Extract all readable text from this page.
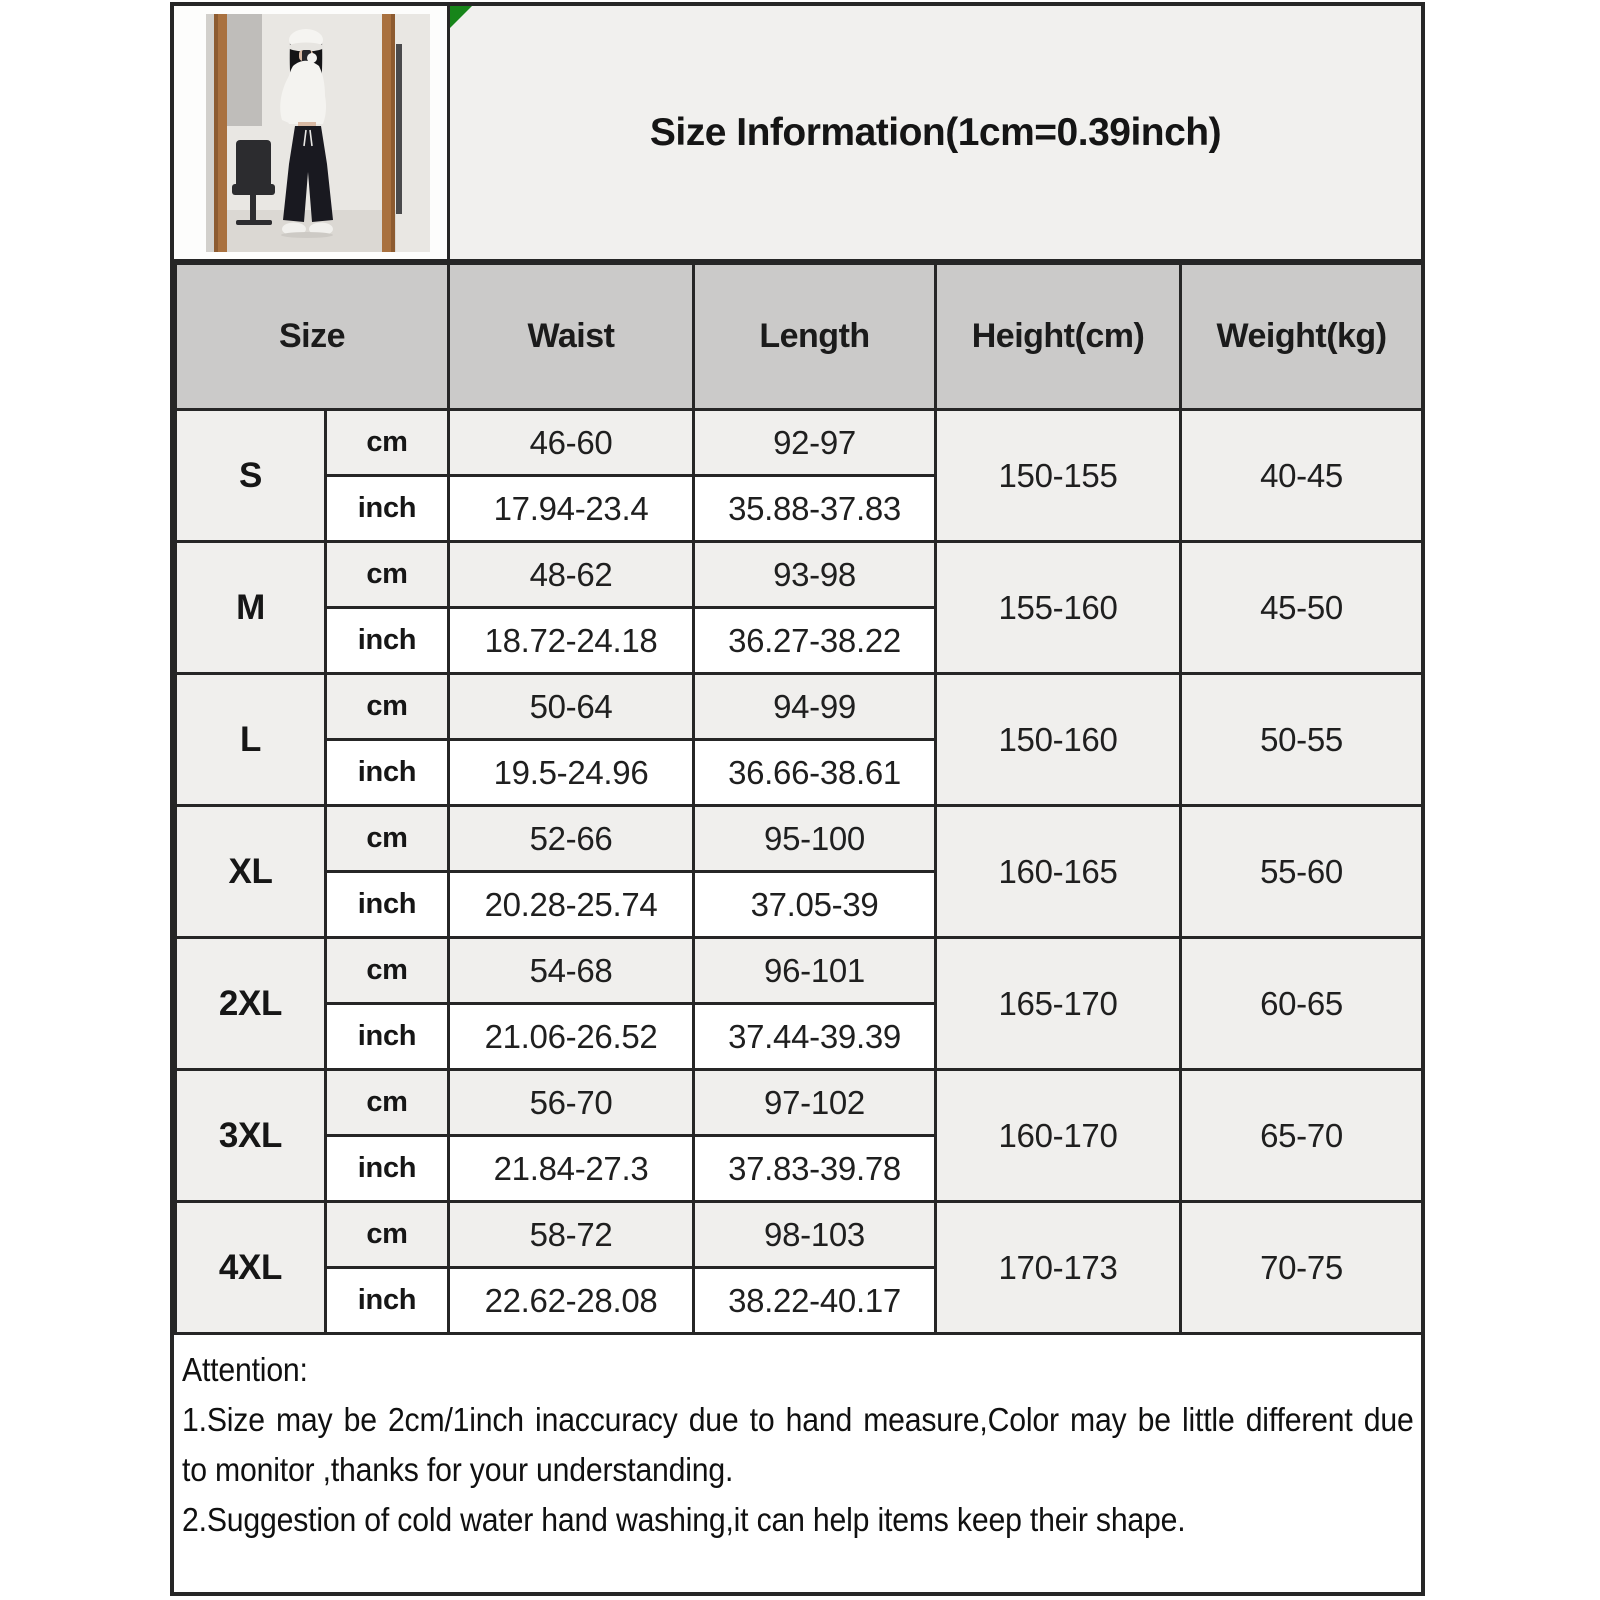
Size Information(1cm=0.39inch)
Size		Waist	Length	Height(cm)	Weight(kg)
S	cm	46-60	92-97	150-155	40-45
	inch	17.94-23.4	35.88-37.83		
M	cm	48-62	93-98	155-160	45-50
	inch	18.72-24.18	36.27-38.22		
L	cm	50-64	94-99	150-160	50-55
	inch	19.5-24.96	36.66-38.61		
XL	cm	52-66	95-100	160-165	55-60
	inch	20.28-25.74	37.05-39		
2XL	cm	54-68	96-101	165-170	60-65
	inch	21.06-26.52	37.44-39.39		
3XL	cm	56-70	97-102	160-170	65-70
	inch	21.84-27.3	37.83-39.78		
4XL	cm	58-72	98-103	170-173	70-75
	inch	22.62-28.08	38.22-40.17		
Attention:
1.Size may be 2cm/1inch inaccuracy due to hand measure,Color may be little different due
to monitor ,thanks for your understanding.
2.Suggestion of cold water hand washing,it can help items keep their shape.
